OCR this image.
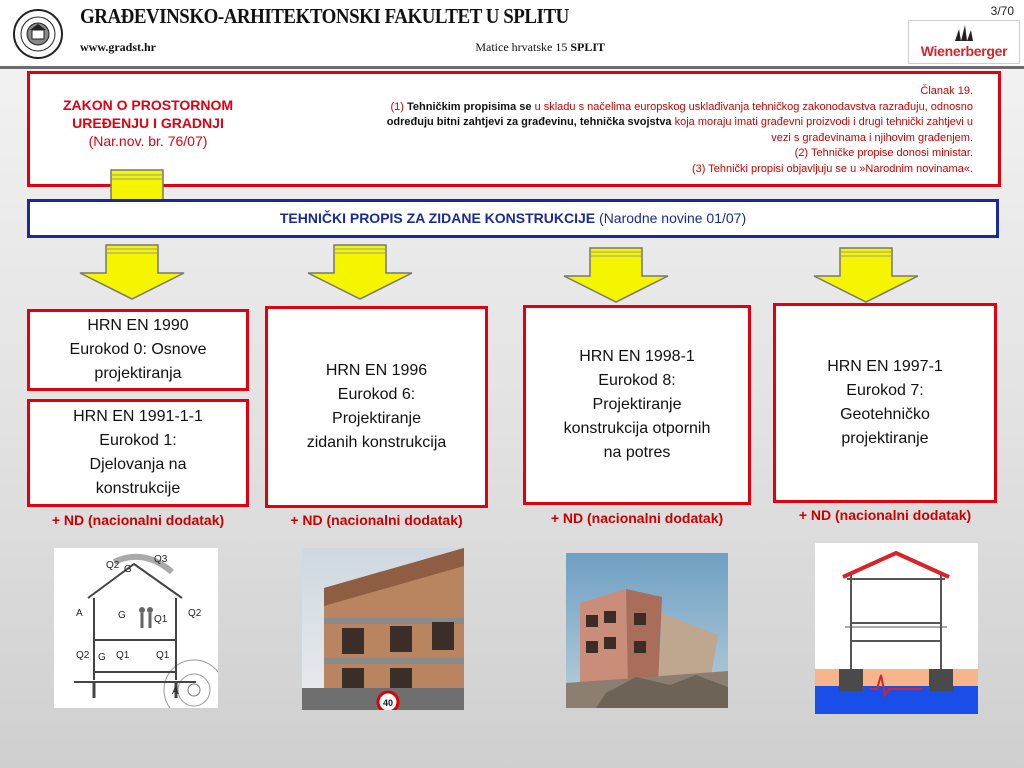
GRAĐEVINSKO-ARHITEKTONSKI FAKULTET U SPLITU
www.gradst.hr	Matice hrvatske 15 SPLIT
3/70
Wienerberger
ZAKON O PROSTORNOM
UREĐENJU I GRADNJI
(Nar.nov. br. 76/07)
Članak 19.
(1) Tehničkim propisima se u skladu s načelima europskog usklađivanja tehničkog zakonodavstva razrađuju, odnosno
određuju bitni zahtjevi za građevinu, tehnička svojstva koja moraju imati građevni proizvodi i drugi tehnički zahtjevi u
vezi s građevinama i njihovim građenjem.
(2) Tehničke propise donosi ministar.
(3) Tehnički propisi objavljuju se u »Narodnim novinama«.
TEHNIČKI PROPIS ZA ZIDANE KONSTRUKCIJE (Narodne novine 01/07)
HRN EN 1990
Eurokod 0: Osnove
projektiranja
HRN EN 1991-1-1
Eurokod 1:
Djelovanja na
konstrukcije
+ ND (nacionalni dodatak)
HRN EN 1996
Eurokod 6:
Projektiranje
zidanih konstrukcija
+ ND (nacionalni dodatak)
HRN EN 1998-1
Eurokod 8:
Projektiranje
konstrukcija otpornih
na potres
+ ND (nacionalni dodatak)
HRN EN 1997-1
Eurokod 7:
Geotehničko
projektiranje
+ ND (nacionalni dodatak)
Q2 G
Q3
G	Q1
Q2
A
Q2 G Q1	Q1
A
40
